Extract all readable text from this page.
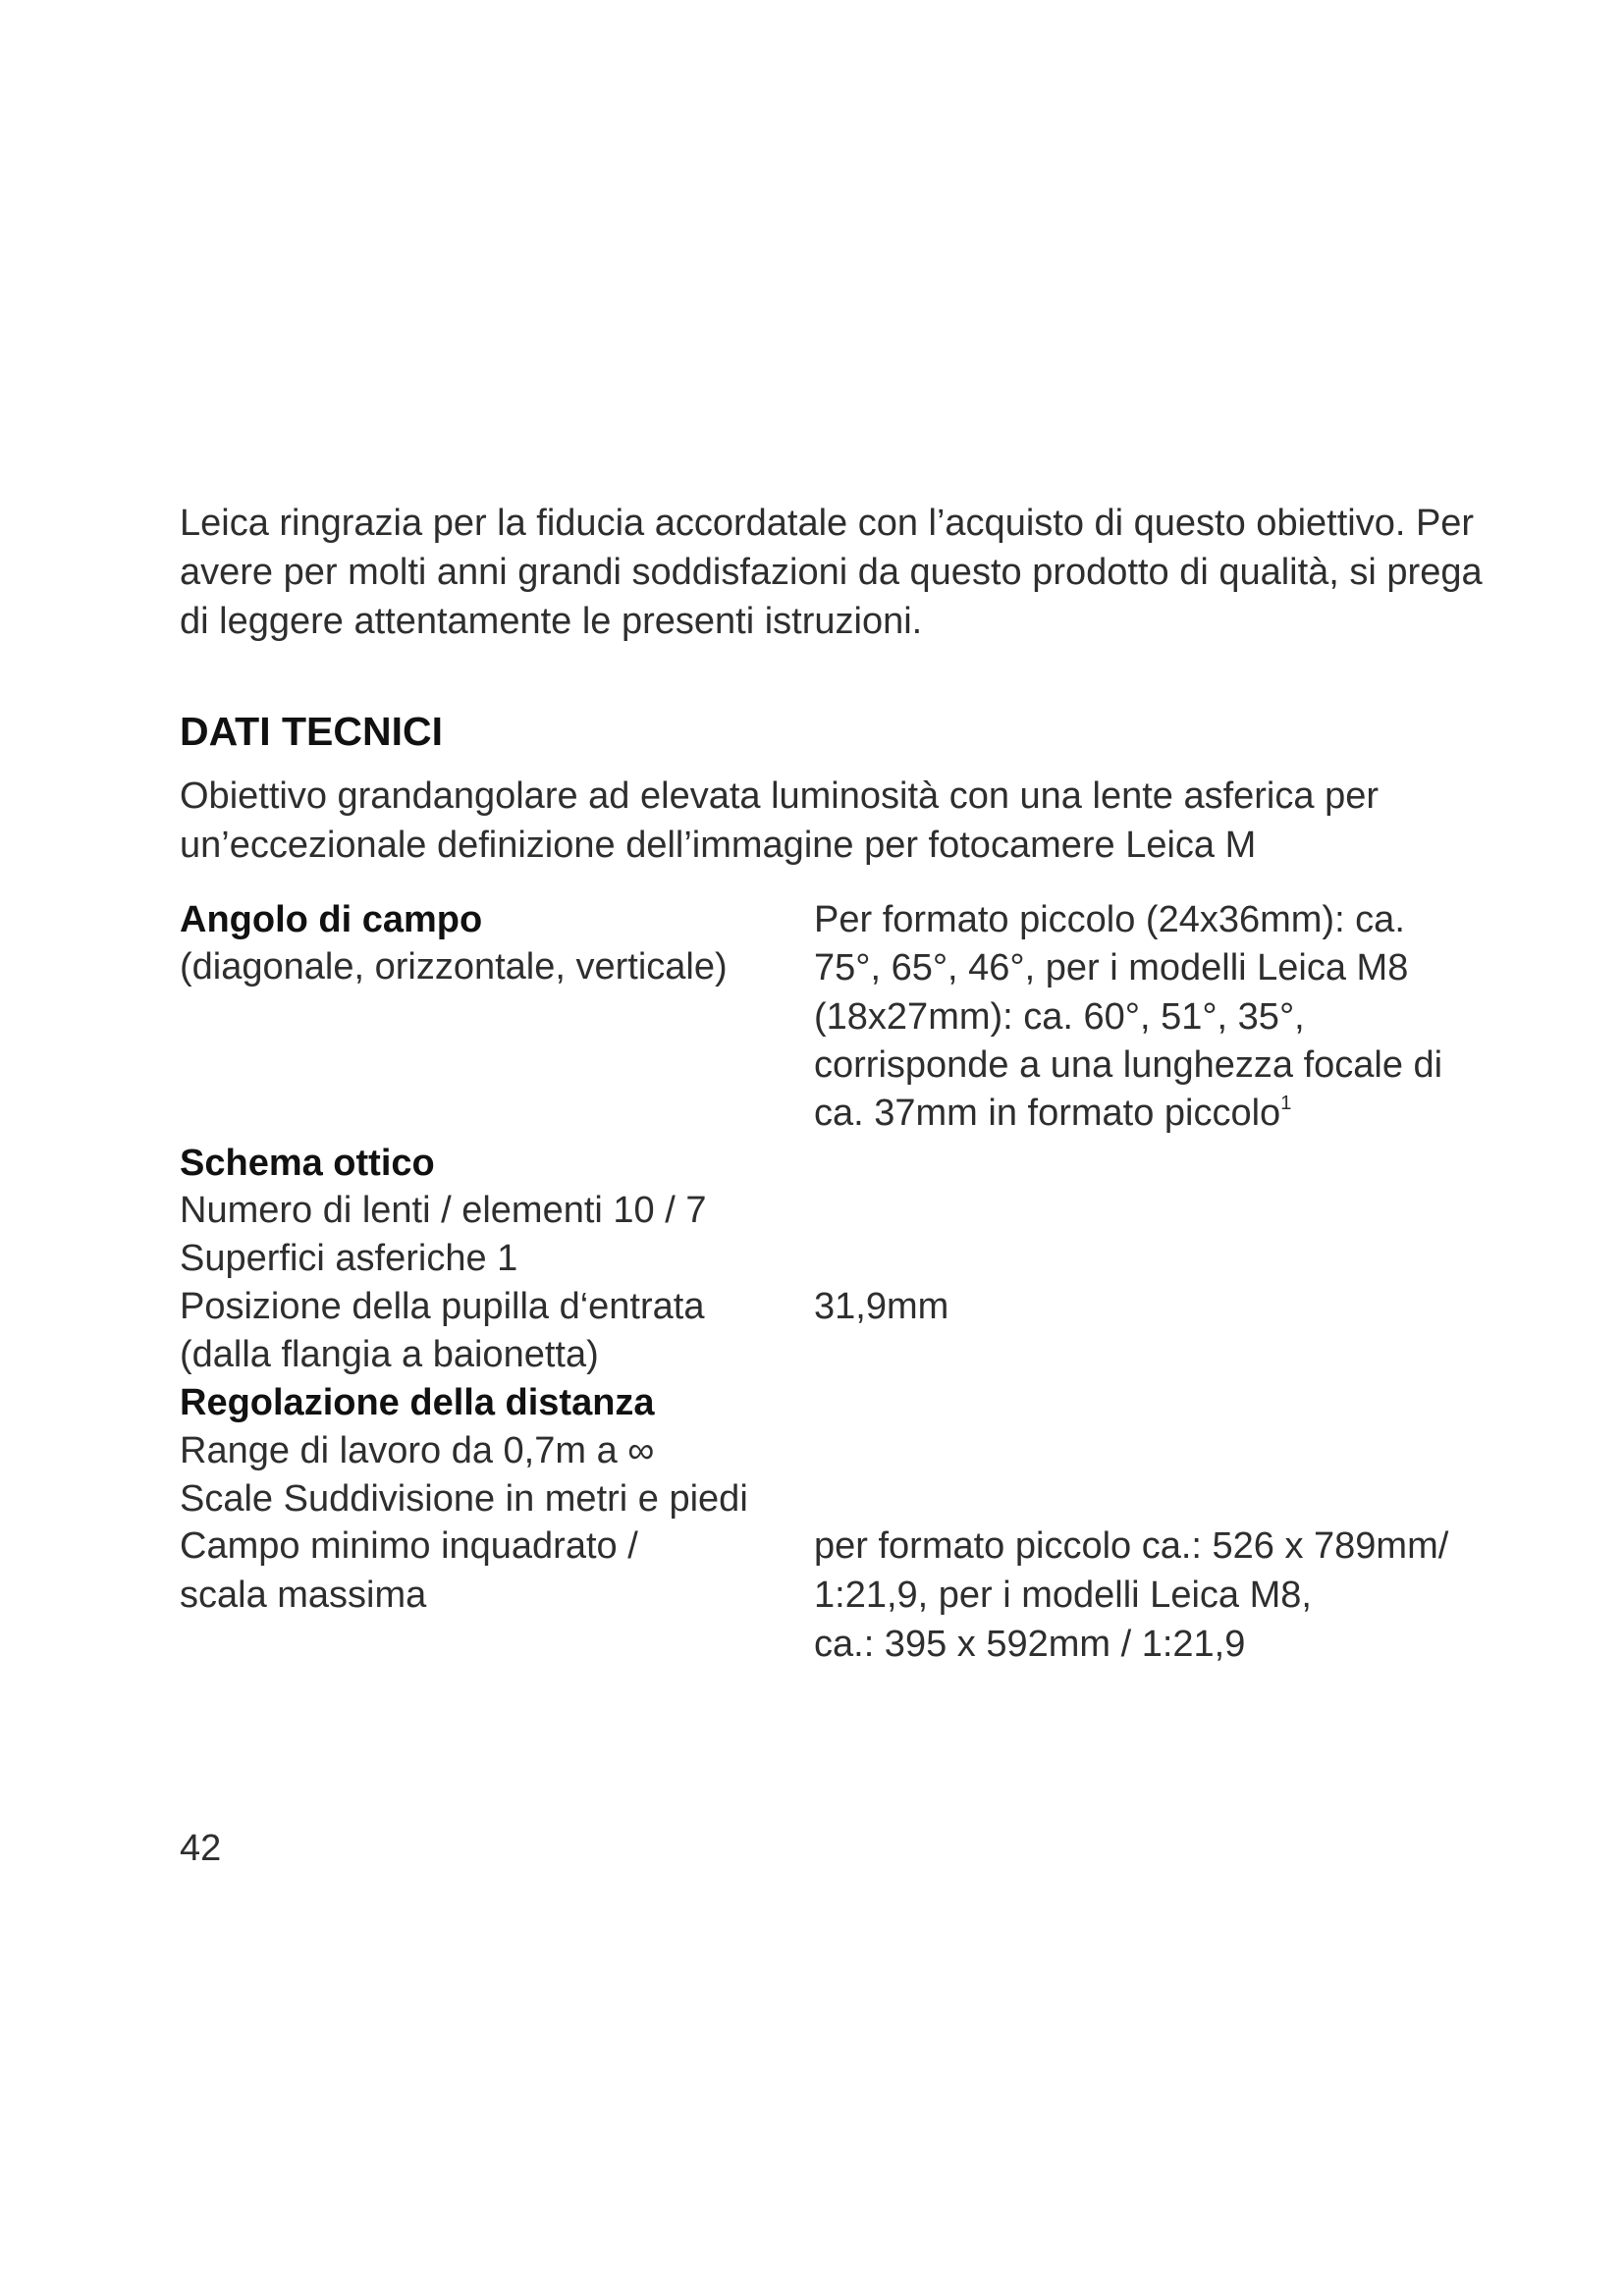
Leica ringrazia per la fiducia accordatale con l’acquisto di questo obiettivo. Per
avere per molti anni grandi soddisfazioni da questo prodotto di qualità, si prega
di leggere attentamente le presenti istruzioni.
DATI TECNICI
Obiettivo grandangolare ad elevata luminosità con una lente asferica per
un’eccezionale definizione dell’immagine per fotocamere Leica M
Angolo di campo
(diagonale, orizzontale, verticale)
Per formato piccolo (24x36mm): ca.
75°, 65°, 46°, per i modelli Leica M8
(18x27mm): ca. 60°, 51°, 35°,
corrisponde a una lunghezza focale di
ca. 37mm in formato piccolo$^1$
Schema ottico
Numero di lenti / elementi 10 / 7
Superfici asferiche 1
Posizione della pupilla d‘entrata
(dalla flangia a baionetta)
31,9mm
Regolazione della distanza
Range di lavoro da 0,7m a ∞
Scale Suddivisione in metri e piedi
Campo minimo inquadrato /
scala massima
per formato piccolo ca.: 526 x 789mm/
1:21,9, per i modelli Leica M8,
ca.: 395 x 592mm / 1:21,9
42
